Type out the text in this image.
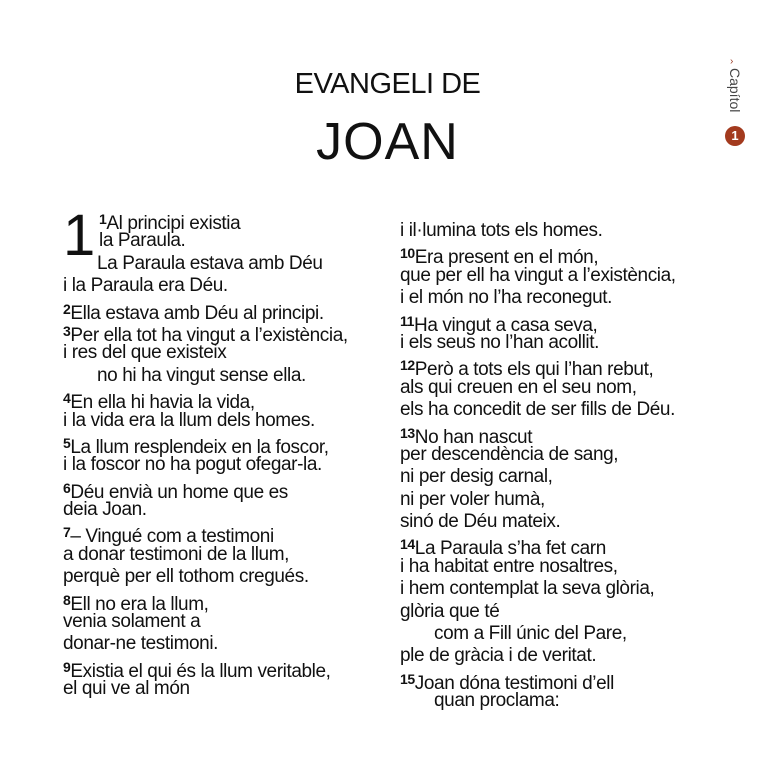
EVANGELI DE
JOAN
›
Capítol
1
1 $^1$Al principi existia
la Paraula.
La Paraula estava amb Déu
i la Paraula era Déu.
$^2$Ella estava amb Déu al principi.
$^3$Per ella tot ha vingut a l’existència,
i res del que existeix
no hi ha vingut sense ella.
$^4$En ella hi havia la vida,
i la vida era la llum dels homes.
$^5$La llum resplendeix en la foscor,
i la foscor no ha pogut ofegar-la.
$^6$Déu envià un home que es
deia Joan.
$^7$– Vingué com a testimoni
a donar testimoni de la llum,
perquè per ell tothom cregués.
$^8$Ell no era la llum,
venia solament a
donar-ne testimoni.
$^9$Existia el qui és la llum veritable,
el qui ve al món
i il·lumina tots els homes.
$^{10}$Era present en el món,
que per ell ha vingut a l’existència,
i el món no l’ha reconegut.
$^{11}$Ha vingut a casa seva,
i els seus no l’han acollit.
$^{12}$Però a tots els qui l’han rebut,
als qui creuen en el seu nom,
els ha concedit de ser fills de Déu.
$^{13}$No han nascut
per descendència de sang,
ni per desig carnal,
ni per voler humà,
sinó de Déu mateix.
$^{14}$La Paraula s’ha fet carn
i ha habitat entre nosaltres,
i hem contemplat la seva glòria,
glòria que té
com a Fill únic del Pare,
ple de gràcia i de veritat.
$^{15}$Joan dóna testimoni d’ell
quan proclama:
